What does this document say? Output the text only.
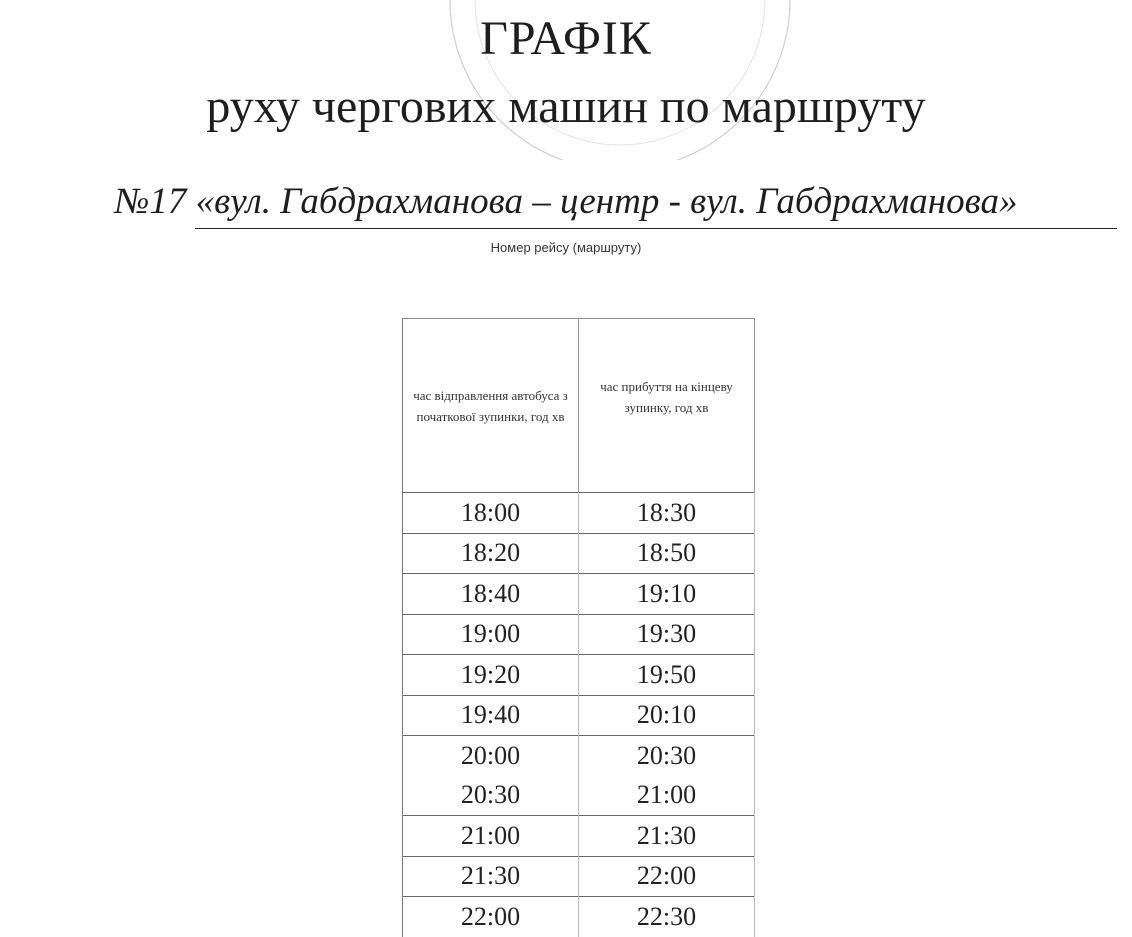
ГРАФІК
руху чергових машин по маршруту
№17 «вул. Габдрахманова – центр - вул. Габдрахманова»
Номер рейсу (маршруту)
час відправлення автобуса з початкової зупинки, год хв	час прибуття на кінцеву зупинку, год хв
18:00	18:30
18:20	18:50
18:40	19:10
19:00	19:30
19:20	19:50
19:40	20:10
20:00	20:30
20:30	21:00
21:00	21:30
21:30	22:00
22:00	22:30
